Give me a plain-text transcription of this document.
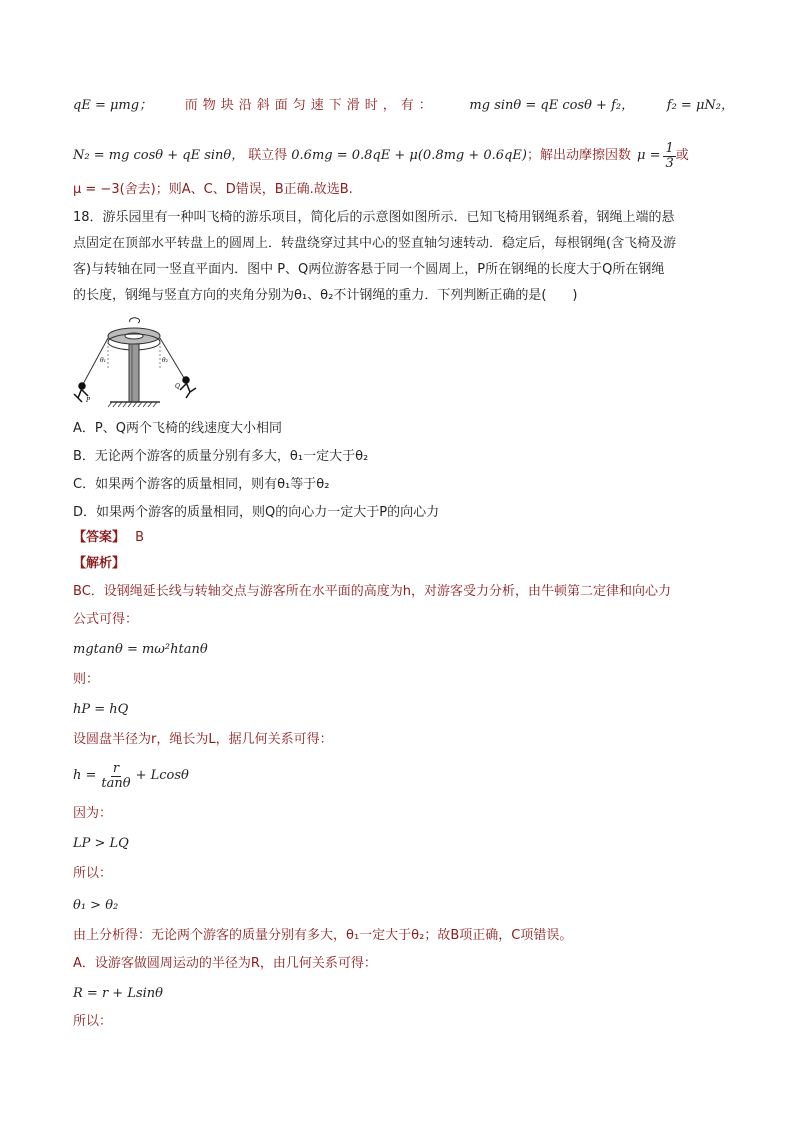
qE = μmg；	而物块沿斜面匀速下滑时，有：	mg sinθ = qE cosθ + f₂，	f₂ = μN₂，
N₂ = mg cosθ + qE sinθ， 联立得 0.6mg = 0.8qE + μ(0.8mg + 0.6qE) ；解出动摩擦因数 $\mu = \frac{1}{3}$ 或
μ = −3(舍去)；则A、C、D错误，B正确.故选B.
18．游乐园里有一种叫飞椅的游乐项目，简化后的示意图如图所示．已知飞椅用钢绳系着，钢绳上端的悬
点固定在顶部水平转盘上的圆周上．转盘绕穿过其中心的竖直轴匀速转动．稳定后，每根钢绳(含飞椅及游
客)与转轴在同一竖直平面内．图中 P、Q两位游客悬于同一个圆周上，P所在钢绳的长度大于Q所在钢绳
的长度，钢绳与竖直方向的夹角分别为θ₁、θ₂不计钢绳的重力．下列判断正确的是(　　)
P
Q
θ₁	θ₂
A．P、Q两个飞椅的线速度大小相同
B．无论两个游客的质量分别有多大，θ₁一定大于θ₂
C．如果两个游客的质量相同，则有θ₁等于θ₂
D．如果两个游客的质量相同，则Q的向心力一定大于P的向心力
【答案】 B
【解析】
BC．设钢绳延长线与转轴交点与游客所在水平面的高度为h，对游客受力分析，由牛顿第二定律和向心力
公式可得：
mgtanθ = mω²htanθ
则：
hP = hQ
设圆盘半径为r，绳长为L，据几何关系可得：
$h = \frac{r}{\tan\theta} + Lcos\theta$
因为：
LP > LQ
所以：
θ₁ > θ₂
由上分析得：无论两个游客的质量分别有多大，θ₁一定大于θ₂；故B项正确，C项错误。
A．设游客做圆周运动的半径为R，由几何关系可得：
R = r + Lsinθ
所以：
